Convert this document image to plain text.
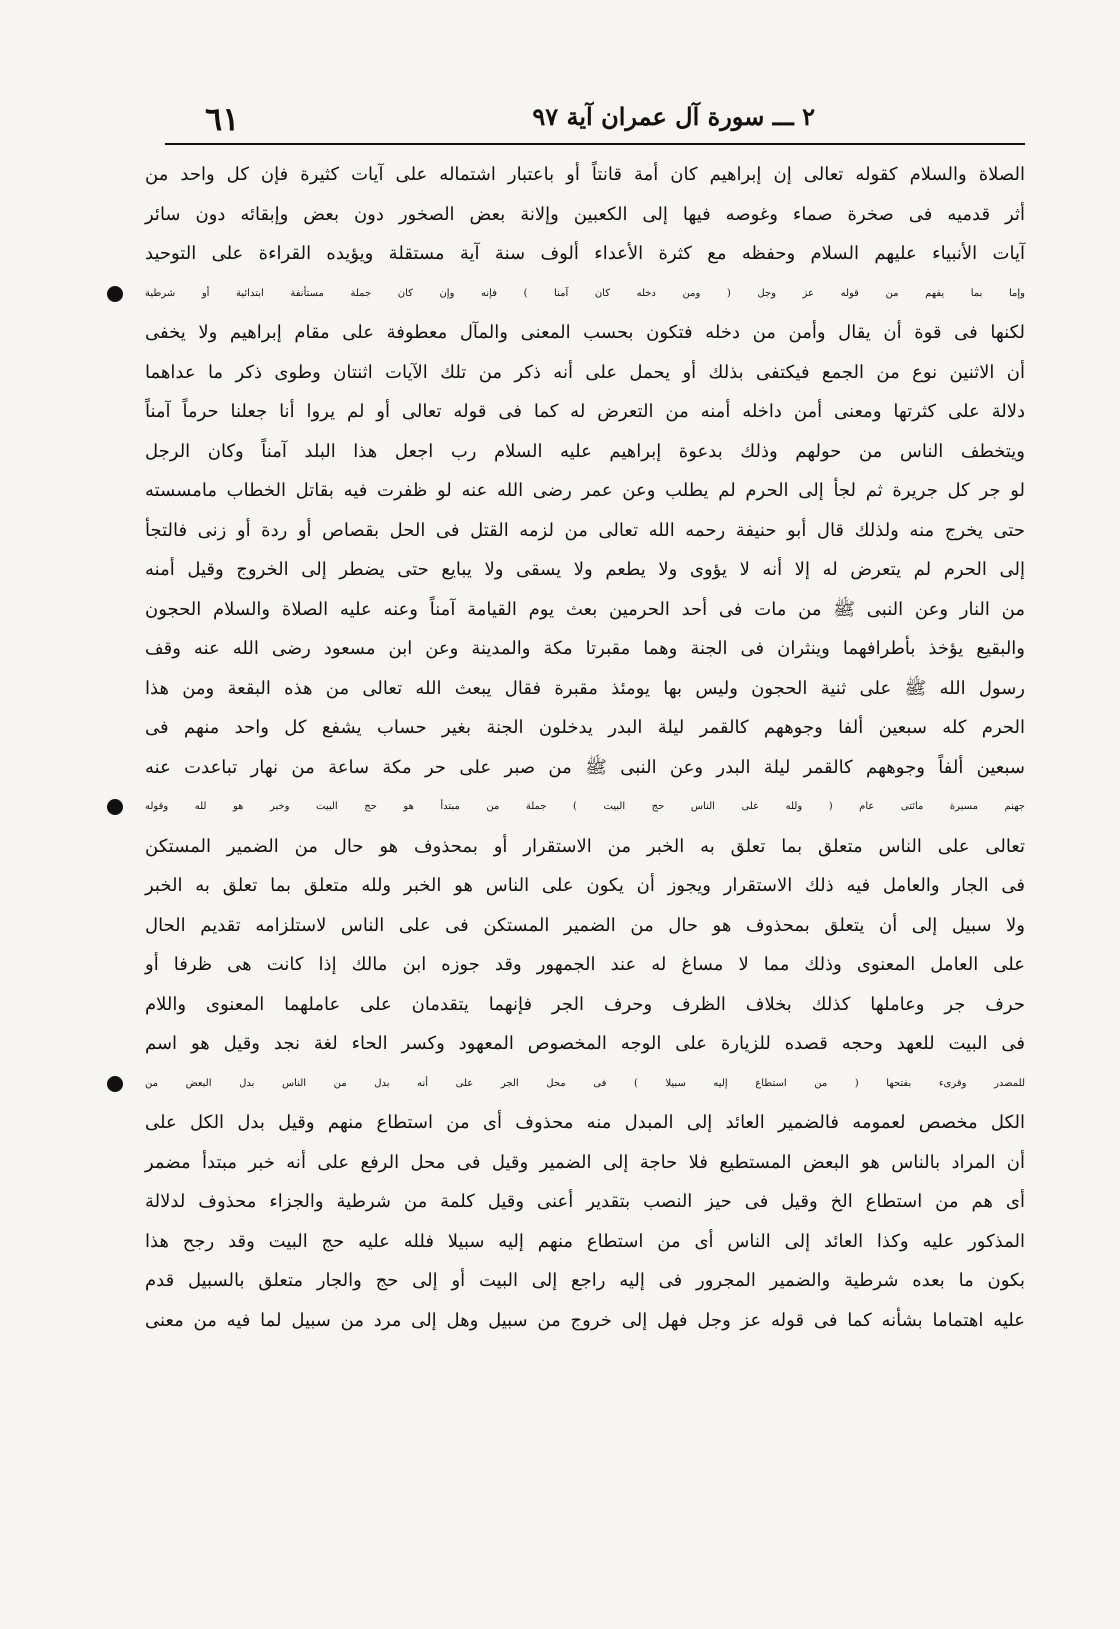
٢ ـــ سورة آل عمران آية ٩٧
٦١
الصلاة والسلام كقوله تعالى إن إبراهيم كان أمة قانتاً أو باعتبار اشتماله على آيات كثيرة فإن كل واحد من
أثر قدميه فى صخرة صماء وغوصه فيها إلى الكعبين وإلانة بعض الصخور دون بعض وإبقائه دون سائر
آيات الأنبياء عليهم السلام وحفظه مع كثرة الأعداء ألوف سنة آية مستقلة ويؤيده القراءة على التوحيد
وإما بما يفهم من قوله عز وجل ( ومن دخله كان آمنا ) فإنه وإن كان جملة مستأنفة ابتدائية أو شرطية
لكنها فى قوة أن يقال وأمن من دخله فتكون بحسب المعنى والمآل معطوفة على مقام إبراهيم ولا يخفى
أن الاثنين نوع من الجمع فيكتفى بذلك أو يحمل على أنه ذكر من تلك الآيات اثنتان وطوى ذكر ما عداهما
دلالة على كثرتها ومعنى أمن داخله أمنه من التعرض له كما فى قوله تعالى أو لم يروا أنا جعلنا حرماً آمناً
ويتخطف الناس من حولهم وذلك بدعوة إبراهيم عليه السلام رب اجعل هذا البلد آمناً وكان الرجل
لو جر كل جريرة ثم لجأ إلى الحرم لم يطلب وعن عمر رضى الله عنه لو ظفرت فيه بقاتل الخطاب مامسسته
حتى يخرج منه ولذلك قال أبو حنيفة رحمه الله تعالى من لزمه القتل فى الحل بقصاص أو ردة أو زنى فالتجأ
إلى الحرم لم يتعرض له إلا أنه لا يؤوى ولا يطعم ولا يسقى ولا يبايع حتى يضطر إلى الخروج وقيل أمنه
من النار وعن النبى ﷺ من مات فى أحد الحرمين بعث يوم القيامة آمناً وعنه عليه الصلاة والسلام الحجون
والبقيع يؤخذ بأطرافهما وينثران فى الجنة وهما مقبرتا مكة والمدينة وعن ابن مسعود رضى الله عنه وقف
رسول الله ﷺ على ثنية الحجون وليس بها يومئذ مقبرة فقال يبعث الله تعالى من هذه البقعة ومن هذا
الحرم كله سبعين ألفا وجوههم كالقمر ليلة البدر يدخلون الجنة بغير حساب يشفع كل واحد منهم فى
سبعين ألفاً وجوههم كالقمر ليلة البدر وعن النبى ﷺ من صبر على حر مكة ساعة من نهار تباعدت عنه
جهنم مسيرة مائتى عام ( ولله على الناس حج البيت ) جملة من مبتدأ هو حج البيت وخبر هو لله وقوله
تعالى على الناس متعلق بما تعلق به الخبر من الاستقرار أو بمحذوف هو حال من الضمير المستكن
فى الجار والعامل فيه ذلك الاستقرار ويجوز أن يكون على الناس هو الخبر ولله متعلق بما تعلق به الخبر
ولا سبيل إلى أن يتعلق بمحذوف هو حال من الضمير المستكن فى على الناس لاستلزامه تقديم الحال
على العامل المعنوى وذلك مما لا مساغ له عند الجمهور وقد جوزه ابن مالك إذا كانت هى ظرفا أو
حرف جر وعاملها كذلك بخلاف الظرف وحرف الجر فإنهما يتقدمان على عاملهما المعنوى واللام
فى البيت للعهد وحجه قصده للزيارة على الوجه المخصوص المعهود وكسر الحاء لغة نجد وقيل هو اسم
للمصدر وقرىء بفتحها ( من استطاع إليه سبيلا ) فى محل الجر على أنه بدل من الناس بدل البعض من
الكل مخصص لعمومه فالضمير العائد إلى المبدل منه محذوف أى من استطاع منهم وقيل بدل الكل على
أن المراد بالناس هو البعض المستطيع فلا حاجة إلى الضمير وقيل فى محل الرفع على أنه خبر مبتدأ مضمر
أى هم من استطاع الخ وقيل فى حيز النصب بتقدير أعنى وقيل كلمة من شرطية والجزاء محذوف لدلالة
المذكور عليه وكذا العائد إلى الناس أى من استطاع منهم إليه سبيلا فلله عليه حج البيت وقد رجح هذا
بكون ما بعده شرطية والضمير المجرور فى إليه راجع إلى البيت أو إلى حج والجار متعلق بالسبيل قدم
عليه اهتماما بشأنه كما فى قوله عز وجل فهل إلى خروج من سبيل وهل إلى مرد من سبيل لما فيه من معنى
